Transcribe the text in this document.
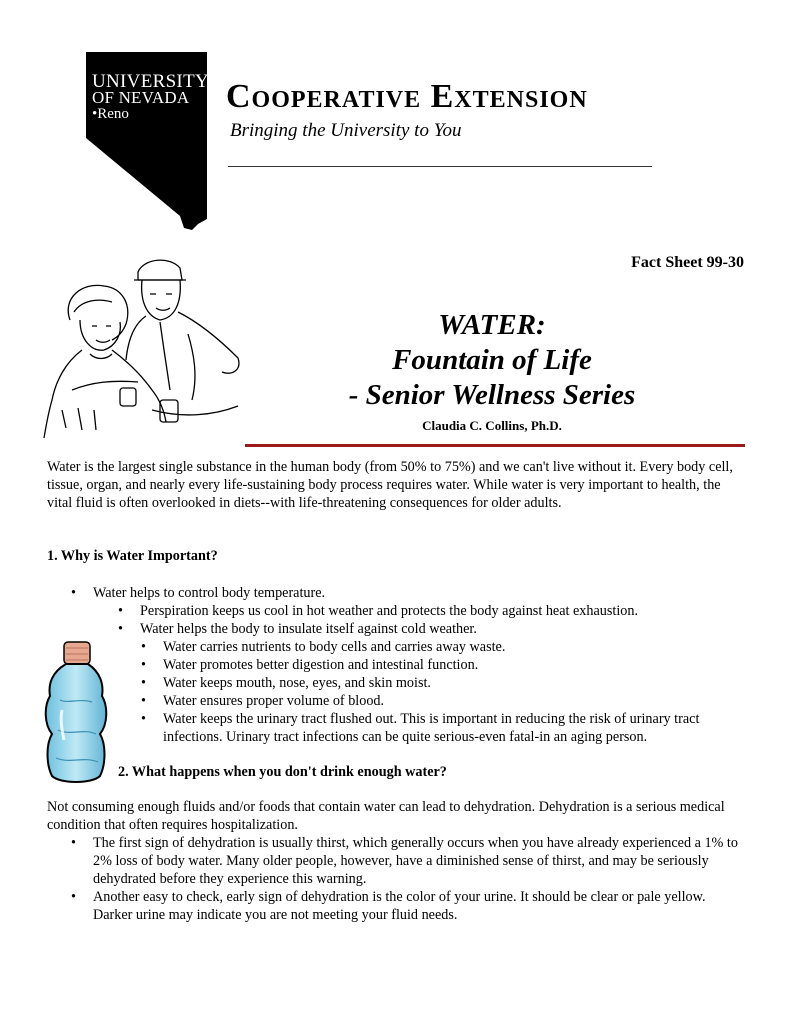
UNIVERSITY
OF NEVADA
•Reno	Cooperative Extension
Bringing the University to You
Fact Sheet 99-30
WATER:
Fountain of Life
- Senior Wellness Series
Claudia C. Collins, Ph.D.
Water is the largest single substance in the human body (from 50% to 75%) and we can't live without it. Every body cell, tissue, organ, and nearly every life-sustaining body process requires water. While water is very important to health, the vital fluid is often overlooked in diets--with life-threatening consequences for older adults.
1. Why is Water Important?
• Water helps to control body temperature.
• Perspiration keeps us cool in hot weather and protects the body against heat exhaustion.
• Water helps the body to insulate itself against cold weather.
• Water carries nutrients to body cells and carries away waste.
• Water promotes better digestion and intestinal function.
• Water keeps mouth, nose, eyes, and skin moist.
• Water ensures proper volume of blood.
• Water keeps the urinary tract flushed out. This is important in reducing the risk of urinary tract infections. Urinary tract infections can be quite serious-even fatal-in an aging person.
2. What happens when you don't drink enough water?
Not consuming enough fluids and/or foods that contain water can lead to dehydration. Dehydration is a serious medical condition that often requires hospitalization.
• The first sign of dehydration is usually thirst, which generally occurs when you have already experienced a 1% to 2% loss of body water. Many older people, however, have a diminished sense of thirst, and may be seriously dehydrated before they experience this warning.
• Another easy to check, early sign of dehydration is the color of your urine. It should be clear or pale yellow. Darker urine may indicate you are not meeting your fluid needs.
